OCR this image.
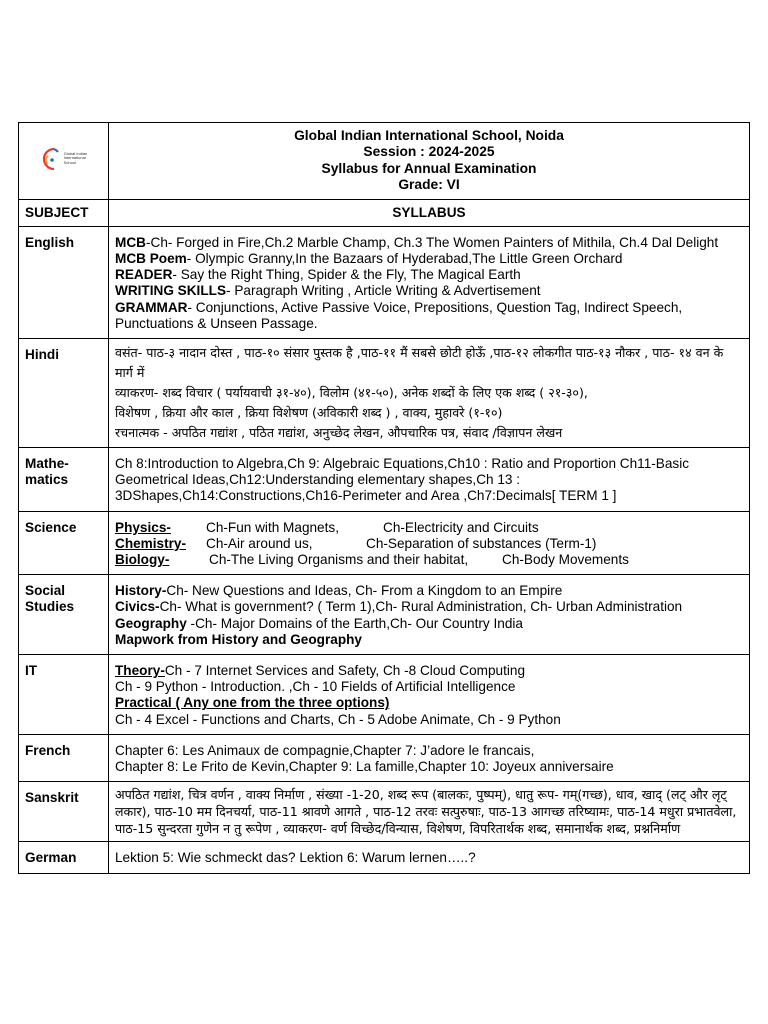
Global Indian
International
School	Global Indian International School, Noida
Session : 2024-2025
Syllabus for Annual Examination
Grade: VI

SUBJECT	SYLLABUS
English	MCB-Ch- Forged in Fire,Ch.2 Marble Champ, Ch.3 The Women Painters of Mithila, Ch.4 Dal Delight
MCB Poem- Olympic Granny,In the Bazaars of Hyderabad,The Little Green Orchard
READER- Say the Right Thing, Spider & the Fly, The Magical Earth
WRITING SKILLS- Paragraph Writing , Article Writing & Advertisement
GRAMMAR- Conjunctions, Active Passive Voice, Prepositions, Question Tag, Indirect Speech, Punctuations & Unseen Passage.

Hindi	वसंत- पाठ-३ नादान दोस्त , पाठ-१० संसार पुस्तक है ,पाठ-११ मैं सबसे छोटी होऊँ ,पाठ-१२ लोकगीत पाठ-१३ नौकर , पाठ- १४ वन के मार्ग में
व्याकरण- शब्द विचार ( पर्यायवाची ३१-४०), विलोम (४१-५०), अनेक शब्दों के लिए एक शब्द ( २१-३०),
विशेषण , क्रिया और काल , क्रिया विशेषण (अविकारी शब्द ) , वाक्य, मुहावरे (१-१०)
रचनात्मक - अपठित गद्यांश , पठित गद्यांश, अनुच्छेद लेखन, औपचारिक पत्र, संवाद /विज्ञापन लेखन

Mathe-
matics	Ch 8:Introduction to Algebra,Ch 9: Algebraic Equations,Ch10 : Ratio and Proportion Ch11-Basic Geometrical Ideas,Ch12:Understanding elementary shapes,Ch 13 : 3DShapes,Ch14:Constructions,Ch16-Perimeter and Area ,Ch7:Decimals[ TERM 1 ]
Science	Physics- Ch-Fun with Magnets, Ch-Electricity and Circuits
Chemistry- Ch-Air around us, Ch-Separation of substances (Term-1)
Biology- Ch-The Living Organisms and their habitat, Ch-Body Movements

Social
Studies	History-Ch- New Questions and Ideas, Ch- From a Kingdom to an Empire
Civics-Ch- What is government? ( Term 1),Ch- Rural Administration, Ch- Urban Administration
Geography -Ch- Major Domains of the Earth,Ch- Our Country India
Mapwork from History and Geography

IT	Theory-Ch - 7 Internet Services and Safety, Ch -8 Cloud Computing
Ch - 9 Python - Introduction. ,Ch - 10 Fields of Artificial Intelligence
Practical ( Any one from the three options)
Ch - 4 Excel - Functions and Charts, Ch - 5 Adobe Animate, Ch - 9 Python

French	Chapter 6: Les Animaux de compagnie,Chapter 7: J’adore le francais,
Chapter 8: Le Frito de Kevin,Chapter 9: La famille,Chapter 10: Joyeux anniversaire

Sanskrit	अपठित गद्यांश, चित्र वर्णन , वाक्य निर्माण , संख्या -1-20, शब्द रूप (बालकः, पुष्पम्), धातु रूप- गम्(गच्छ), धाव, खाद् (लट् और लृट् लकार), पाठ-10 मम दिनचर्या, पाठ-11 श्रावणे आगते , पाठ-12 तरवः सत्पुरुषाः, पाठ-13 आगच्छ तरिष्यामः, पाठ-14 मधुरा प्रभातवेला, पाठ-15 सुन्दरता गुणेन न तु रूपेण , व्याकरण- वर्ण विच्छेद/विन्यास, विशेषण, विपरितार्थक शब्द, समानार्थक शब्द, प्रश्ननिर्माण
German	Lektion 5: Wie schmeckt das? Lektion 6: Warum lernen…..?
